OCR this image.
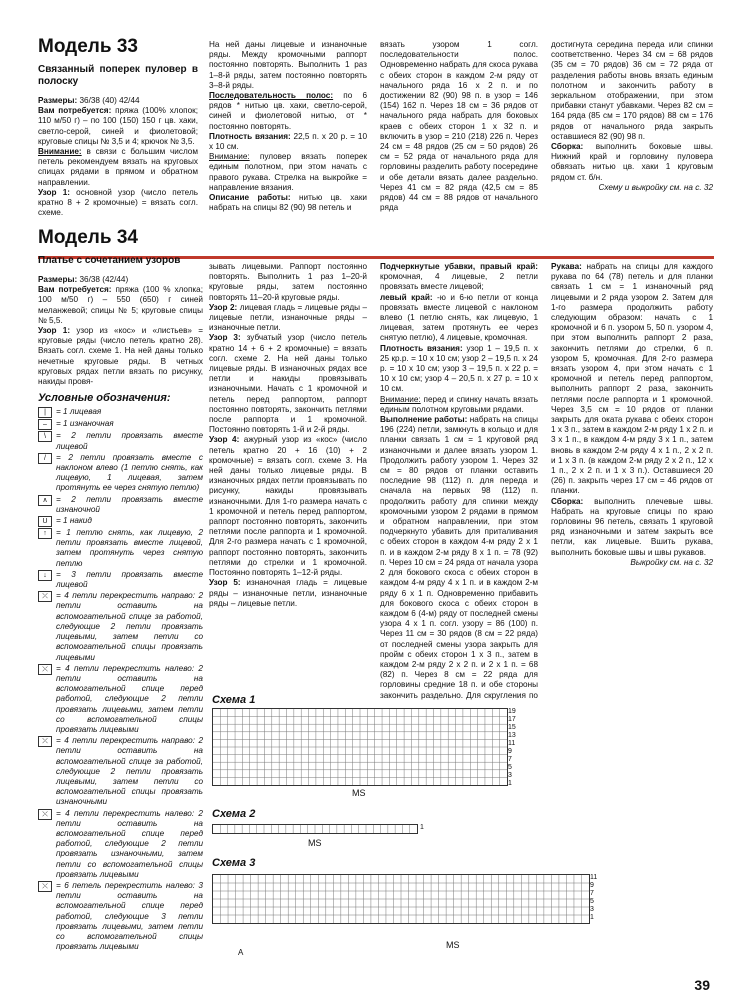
Модель 33
Связанный поперек пуловер в полоску

Размеры: 36/38 (40) 42/44

Вам потребуется: пряжа (100% хлопок; 110 м/50 г) – по 100 (150) 150 г цв. хаки, светло-серой, синей и фиолетовой; круговые спицы № 3,5 и 4; крючок № 3,5.

Внимание: в связи с большим числом петель рекомендуем вязать на круговых спицах рядами в прямом и обратном направлении.

Узор 1: основной узор (число петель кратно 8 + 2 кромочные) = вязать согл. схеме.

На ней даны лицевые и изнаночные ряды. Между кромочными раппорт постоянно повторять. Выполнить 1 раз 1–8-й ряды, затем постоянно повторять 3–8-й ряды.

Последовательность полос: по 6 рядов * нитью цв. хаки, светло-серой, синей и фиолетовой нитью, от * постоянно повторять.

Плотность вязания: 22,5 п. х 20 р. = 10 х 10 см.

Внимание: пуловер вязать поперек единым полотном, при этом начать с правого рукава. Стрелка на выкройке = направление вязания.

Описание работы: нитью цв. хаки набрать на спицы 82 (90) 98 петель и

вязать узором 1 согл. последовательности полос. Одновременно набрать для скоса рукава с обеих сторон в каждом 2-м ряду от начального ряда 16 х 2 п. и по достижении 82 (90) 98 п. в узор = 146 (154) 162 п. Через 18 см = 36 рядов от начального ряда набрать для боковых краев с обеих сторон 1 х 32 п. и включить в узор = 210 (218) 226 п. Через 24 см = 48 рядов (25 см = 50 рядов) 26 см = 52 ряда от начального ряда для горловины разделить работу посередине и обе детали вязать далее раздельно. Через 41 см = 82 ряда (42,5 см = 85 рядов) 44 см = 88 рядов от начального ряда

достигнута середина переда или спинки соответственно. Через 34 см = 68 рядов (35 см = 70 рядов) 36 см = 72 ряда от разделения работы вновь вязать единым полотном и закончить работу в зеркальном отображении, при этом прибавки станут убавками. Через 82 см = 164 ряда (85 см = 170 рядов) 88 см = 176 рядов от начального ряда закрыть оставшиеся 82 (90) 98 п.

Сборка: выполнить боковые швы. Нижний край и горловину пуловера обвязать нитью цв. хаки 1 круговым рядом ст. б/н.

Схему и выкройку см. на с. 32

Модель 34
Платье с сочетанием узоров

Размеры: 36/38 (42/44)

Вам потребуется: пряжа (100 % хлопка; 100 м/50 г) – 550 (650) г синей меланжевой; спицы № 5; круговые спицы № 5,5.

Узор 1: узор из «кос» и «листьев» = круговые ряды (число петель кратно 28). Вязать согл. схеме 1. На ней даны только нечетные круговые ряды. В четных круговых рядах петли вязать по рисунку, накиды провя-

Условные обозначения:
|	= 1 лицевая
–	= 1 изнаночная
\	= 2 петли провязать вместе лицевой
/	= 2 петли провязать вместе с наклоном влево (1 петлю снять, как лицевую, 1 лицевая, затем протянуть ее через снятую петлю)
∧	= 2 петли провязать вместе изнаночной
U	= 1 накид
↑	= 1 петлю снять, как лицевую, 2 петли провязать вместе лицевой, затем протянуть через снятую петлю
↓	= 3 петли провязать вместе лицевой
⤫	= 4 петли перекрестить направо: 2 петли оставить на вспомогательной спице за работой, следующие 2 петли провязать лицевыми, затем петли со вспомогательной спицы провязать лицевыми
⤬	= 4 петли перекрестить налево: 2 петли оставить на вспомогательной спице перед работой, следующие 2 петли провязать лицевыми, затем петли со вспомогательной спицы провязать лицевыми
⤫	= 4 петли перекрестить направо: 2 петли оставить на вспомогательной спице за работой, следующие 2 петли провязать лицевыми, затем петли со вспомогательной спицы провязать изнаночными
⤬	= 4 петли перекрестить налево: 2 петли оставить на вспомогательной спице перед работой, следующие 2 петли провязать изнаночными, затем петли со вспомогательной спицы провязать лицевыми
⤬	= 6 петель перекрестить налево: 3 петли оставить на вспомогательной спице перед работой, следующие 3 петли провязать лицевыми, затем петли со вспомогательной спицы провязать лицевыми

зывать лицевыми. Раппорт постоянно повторять. Выполнить 1 раз 1–20-й круговые ряды, затем постоянно повторять 11–20-й круговые ряды.

Узор 2: лицевая гладь = лицевые ряды – лицевые петли, изнаночные ряды – изнаночные петли.

Узор 3: зубчатый узор (число петель кратно 14 + 6 + 2 кромочные) = вязать согл. схеме 2. На ней даны только лицевые ряды. В изнаночных рядах все петли и накиды провязывать изнаночными. Начать с 1 кромочной и петель перед раппортом, раппорт постоянно повторять, закончить петлями после раппорта и 1 кромочной. Постоянно повторять 1-й и 2-й ряды.

Узор 4: ажурный узор из «кос» (число петель кратно 20 + 16 (10) + 2 кромочные) = вязать согл. схеме 3. На ней даны только лицевые ряды. В изнаночных рядах петли провязывать по рисунку, накиды провязывать изнаночными. Для 1-го размера начать с 1 кромочной и петель перед раппортом, раппорт постоянно повторять, закончить петлями после раппорта и 1 кромочной. Для 2-го размера начать с 1 кромочной, раппорт постоянно повторять, закончить петлями до стрелки и 1 кромочной. Постоянно повторять 1–12-й ряды.

Узор 5: изнаночная гладь = лицевые ряды – изнаночные петли, изнаночные ряды – лицевые петли.

Подчеркнутые убавки, правый край: кромочная, 4 лицевые, 2 петли провязать вместе лицевой;

левый край: -ю и 6-ю петли от конца провязать вместе лицевой с наклоном влево (1 петлю снять, как лицевую, 1 лицевая, затем протянуть ее через снятую петлю), 4 лицевые, кромочная.

Плотность вязания: узор 1 – 19,5 п. х 25 кр.р. = 10 х 10 см; узор 2 – 19,5 п. х 24 р. = 10 х 10 см; узор 3 – 19,5 п. х 22 р. = 10 х 10 см; узор 4 – 20,5 п. х 27 р. = 10 х 10 см.

Внимание: перед и спинку начать вязать единым полотном круговыми рядами.

Выполнение работы: набрать на спицы 196 (224) петли, замкнуть в кольцо и для планки связать 1 см = 1 круговой ряд изнаночными и далее вязать узором 1. Продолжить работу узором 1. Через 32 см = 80 рядов от планки оставить последние 98 (112) п. для переда и сначала на первых 98 (112) п. продолжить работу для спинки между кромочными узором 2 рядами в прямом и обратном направлении, при этом подчеркнуто убавить для приталивания с обеих сторон в каждом 4-м ряду 2 х 1 п. и в каждом 2-м ряду 8 х 1 п. = 78 (92) п. Через 10 см = 24 ряда от начала узора 2 для бокового скоса с обеих сторон в каждом 4-м ряду 4 х 1 п. и в каждом 2-м ряду 6 х 1 п. Одновременно прибавить для бокового скоса с обеих сторон в каждом 6 (4-м) ряду от последней смены узора 4 х 1 п. согл. узору = 86 (100) п. Через 11 см = 30 рядов (8 см = 22 ряда) от последней смены узора закрыть для пройм с обеих сторон 1 х 3 п., затем в каждом 2-м ряду 2 х 2 п. и 2 х 1 п. = 68 (82) п. Через 8 см = 22 ряда для горловины средние 18 п. и обе стороны закончить раздельно. Для скругления по

Рукава: набрать на спицы для каждого рукава по 64 (78) петель и для планки связать 1 см = 1 изнаночный ряд лицевыми и 2 ряда узором 2. Затем для 1-го размера продолжить работу следующим образом: начать с 1 кромочной и 6 п. узором 5, 50 п. узором 4, при этом выполнить раппорт 2 раза, закончить петлями до стрелки, 6 п. узором 5, кромочная. Для 2-го размера вязать узором 4, при этом начать с 1 кромочной и петель перед раппортом, выполнить раппорт 2 раза, закончить петлями после раппорта и 1 кромочной. Через 3,5 см = 10 рядов от планки закрыть для оката рукава с обеих сторон 1 х 3 п., затем в каждом 2-м ряду 1 х 2 п. и 3 х 1 п., в каждом 4-м ряду 3 х 1 п., затем вновь в каждом 2-м ряду 4 х 1 п., 2 х 2 п. и 1 х 3 п. (в каждом 2-м ряду 2 х 2 п., 12 х 1 п., 2 х 2 п. и 1 х 3 п.). Оставшиеся 20 (26) п. закрыть через 17 см = 46 рядов от планки.

Сборка: выполнить плечевые швы. Набрать на круговые спицы по краю горловины 96 петель, связать 1 круговой ряд изнаночными и затем закрыть все петли, как лицевые. Вшить рукава, выполнить боковые швы и швы рукавов.

Выкройку см. на с. 32

Схема 1
19
17
15
13
11
9
7
5
3
1
MS
Схема 2
1
MS
Схема 3
11
9
7
5
3
1
MS
A
39
